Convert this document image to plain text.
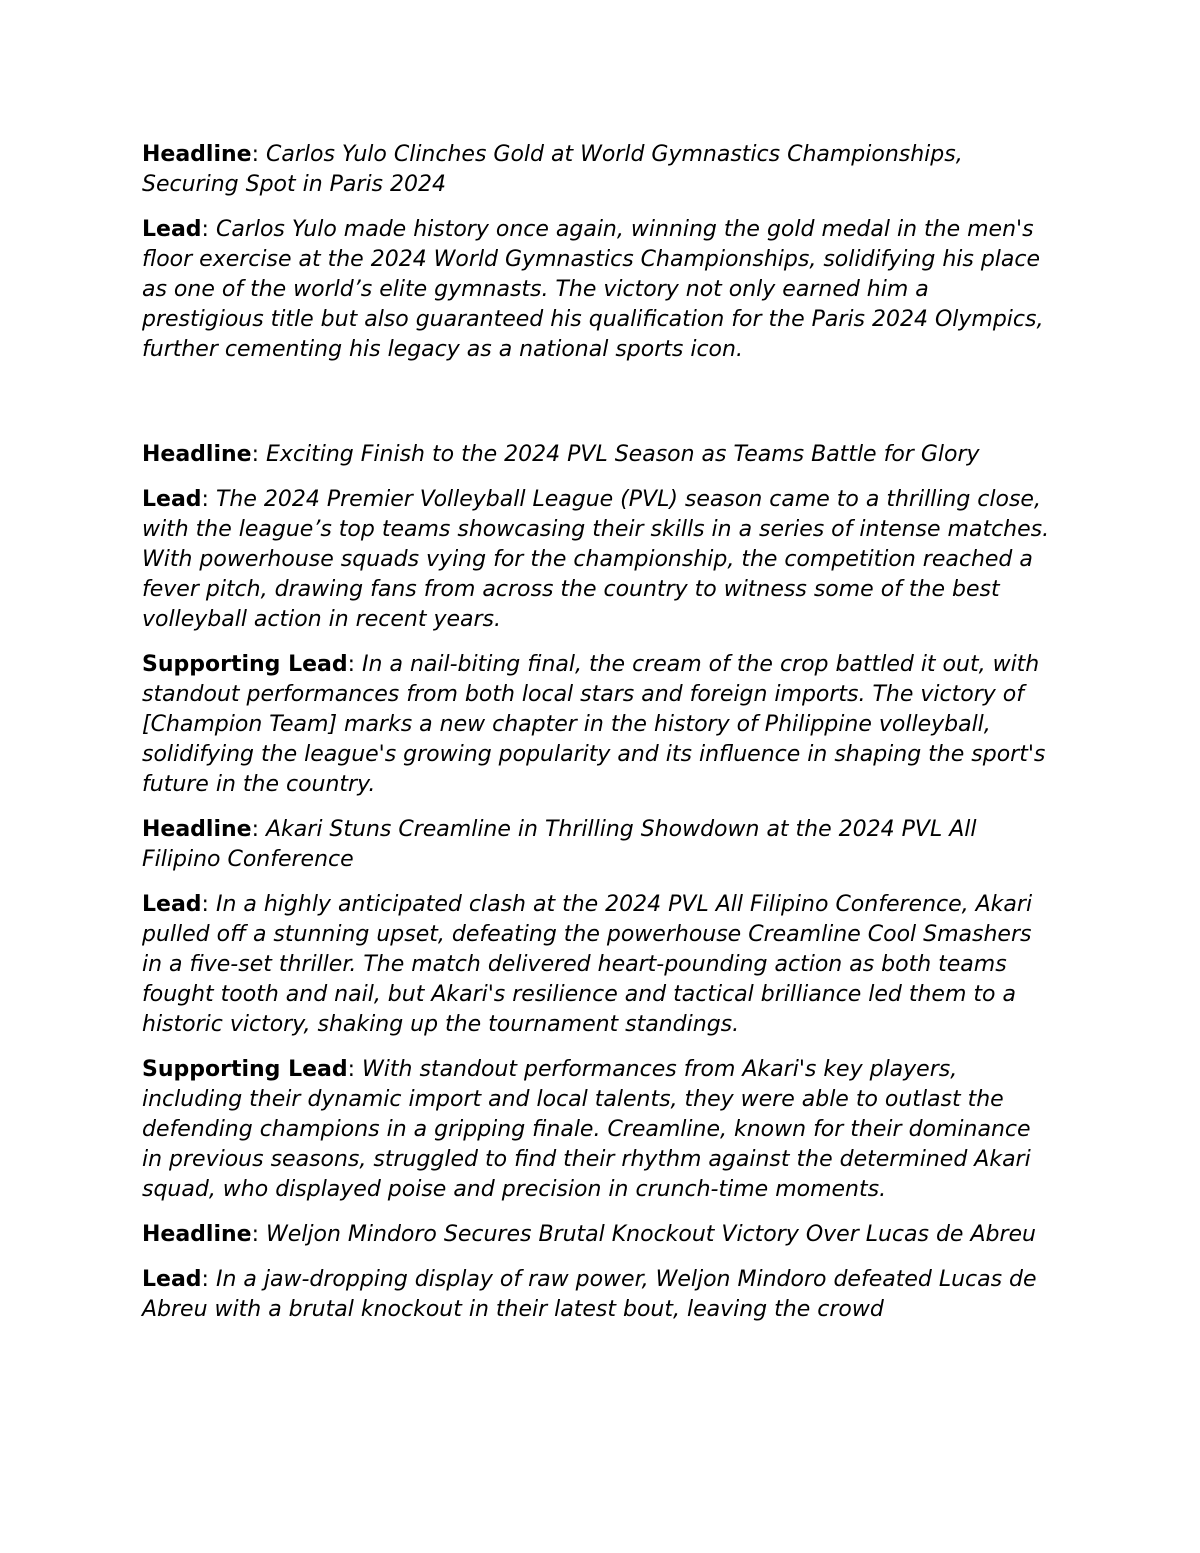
Headline: Carlos Yulo Clinches Gold at World Gymnastics Championships, Securing Spot in Paris 2024

Lead: Carlos Yulo made history once again, winning the gold medal in the men's floor exercise at the 2024 World Gymnastics Championships, solidifying his place as one of the world’s elite gymnasts. The victory not only earned him a prestigious title but also guaranteed his qualification for the Paris 2024 Olympics, further cementing his legacy as a national sports icon.

Headline: Exciting Finish to the 2024 PVL Season as Teams Battle for Glory

Lead: The 2024 Premier Volleyball League (PVL) season came to a thrilling close, with the league’s top teams showcasing their skills in a series of intense matches. With powerhouse squads vying for the championship, the competition reached a fever pitch, drawing fans from across the country to witness some of the best volleyball action in recent years.

Supporting Lead: In a nail-biting final, the cream of the crop battled it out, with standout performances from both local stars and foreign imports. The victory of [Champion Team] marks a new chapter in the history of Philippine volleyball, solidifying the league's growing popularity and its influence in shaping the sport's future in the country.

Headline: Akari Stuns Creamline in Thrilling Showdown at the 2024 PVL All Filipino Conference

Lead: In a highly anticipated clash at the 2024 PVL All Filipino Conference, Akari pulled off a stunning upset, defeating the powerhouse Creamline Cool Smashers in a five-set thriller. The match delivered heart-pounding action as both teams fought tooth and nail, but Akari's resilience and tactical brilliance led them to a historic victory, shaking up the tournament standings.

Supporting Lead: With standout performances from Akari's key players, including their dynamic import and local talents, they were able to outlast the defending champions in a gripping finale. Creamline, known for their dominance in previous seasons, struggled to find their rhythm against the determined Akari squad, who displayed poise and precision in crunch-time moments.

Headline: Weljon Mindoro Secures Brutal Knockout Victory Over Lucas de Abreu

Lead: In a jaw-dropping display of raw power, Weljon Mindoro defeated Lucas de Abreu with a brutal knockout in their latest bout, leaving the crowd
